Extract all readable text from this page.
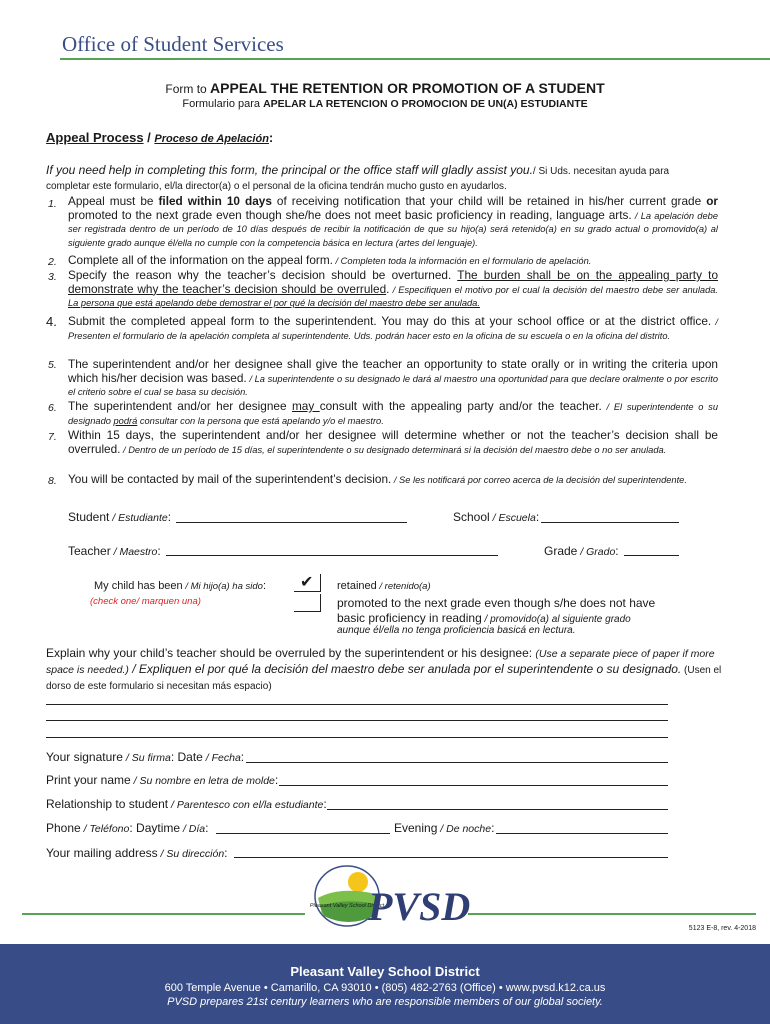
Office of Student Services
Form to APPEAL THE RETENTION OR PROMOTION OF A STUDENT
Formulario para APELAR LA RETENCION O PROMOCION DE UN(A) ESTUDIANTE
Appeal Process / Proceso de Apelación:
If you need help in completing this form, the principal or the office staff will gladly assist you./ Si Uds. necesitan ayuda para
completar este formulario, el/la director(a) o el personal de la oficina tendrán mucho gusto en ayudarlos.
1. Appeal must be filed within 10 days of receiving notification that your child will be retained in his/her current grade or promoted to the next grade even though she/he does not meet basic proficiency in reading, language arts. / La apelación debe ser registrada dentro de un período de 10 días después de recibir la notificación de que su hijo(a) será retenido(a) en su grado actual o promovido(a) al siguiente grado aunque él/ella no cumple con la competencia básica en lectura (artes del lenguaje).
2. Complete all of the information on the appeal form. / Completen toda la información en el formulario de apelación.
3. Specify the reason why the teacher’s decision should be overturned. The burden shall be on the appealing party to demonstrate why the teacher’s decision should be overruled. / Especifiquen el motivo por el cual la decisión del maestro debe ser anulada. La persona que está apelando debe demostrar el por qué la decisión del maestro debe ser anulada.
4. Submit the completed appeal form to the superintendent. You may do this at your school office or at the district office. / Presenten el formulario de la apelación completa al superintendente. Uds. podrán hacer esto en la oficina de su escuela o en la oficina del distrito.
5. The superintendent and/or her designee shall give the teacher an opportunity to state orally or in writing the criteria upon which his/her decision was based. / La superintendente o su designado le dará al maestro una oportunidad para que declare oralmente o por escrito el criterio sobre el cual se basa su decisión.
6. The superintendent and/or her designee may consult with the appealing party and/or the teacher. / El superintendente o su designado podrá consultar con la persona que está apelando y/o el maestro.
7. Within 15 days, the superintendent and/or her designee will determine whether or not the teacher’s decision shall be overruled. / Dentro de un período de 15 días, el superintendente o su designado determinará si la decisión del maestro debe o no ser anulada.
8. You will be contacted by mail of the superintendent’s decision. / Se les notificará por correo acerca de la decisión del superintendente.
Student / Estudiante:	School / Escuela:
Teacher / Maestro:	Grade / Grado:
My child has been / Mi hijo(a) ha sido:
(check one/ marquen una)
✔ retained / retenido(a)
promoted to the next grade even though s/he does not have
basic proficiency in reading / promovido(a) al siguiente grado
aunque él/ella no tenga proficiencia basicá en lectura.
Explain why your child’s teacher should be overruled by the superintendent or his designee: (Use a separate piece of paper if more space is needed.) / Expliquen el por qué la decisión del maestro debe ser anulada por el superintendente o su designado. (Usen el dorso de este formulario si necesitan más espacio)
Your signature / Su firma: Date / Fecha:
Print your name / Su nombre en letra de molde:
Relationship to student / Parentesco con el/la estudiante:
Phone / Teléfono: Daytime / Día:	Evening / De noche:
Your mailing address / Su dirección:
Pleasant Valley School District
PVSD	5123 E-8, rev. 4-2018
Pleasant Valley School District
600 Temple Avenue • Camarillo, CA 93010 • (805) 482-2763 (Office) • www.pvsd.k12.ca.us
PVSD prepares 21st century learners who are responsible members of our global society.
